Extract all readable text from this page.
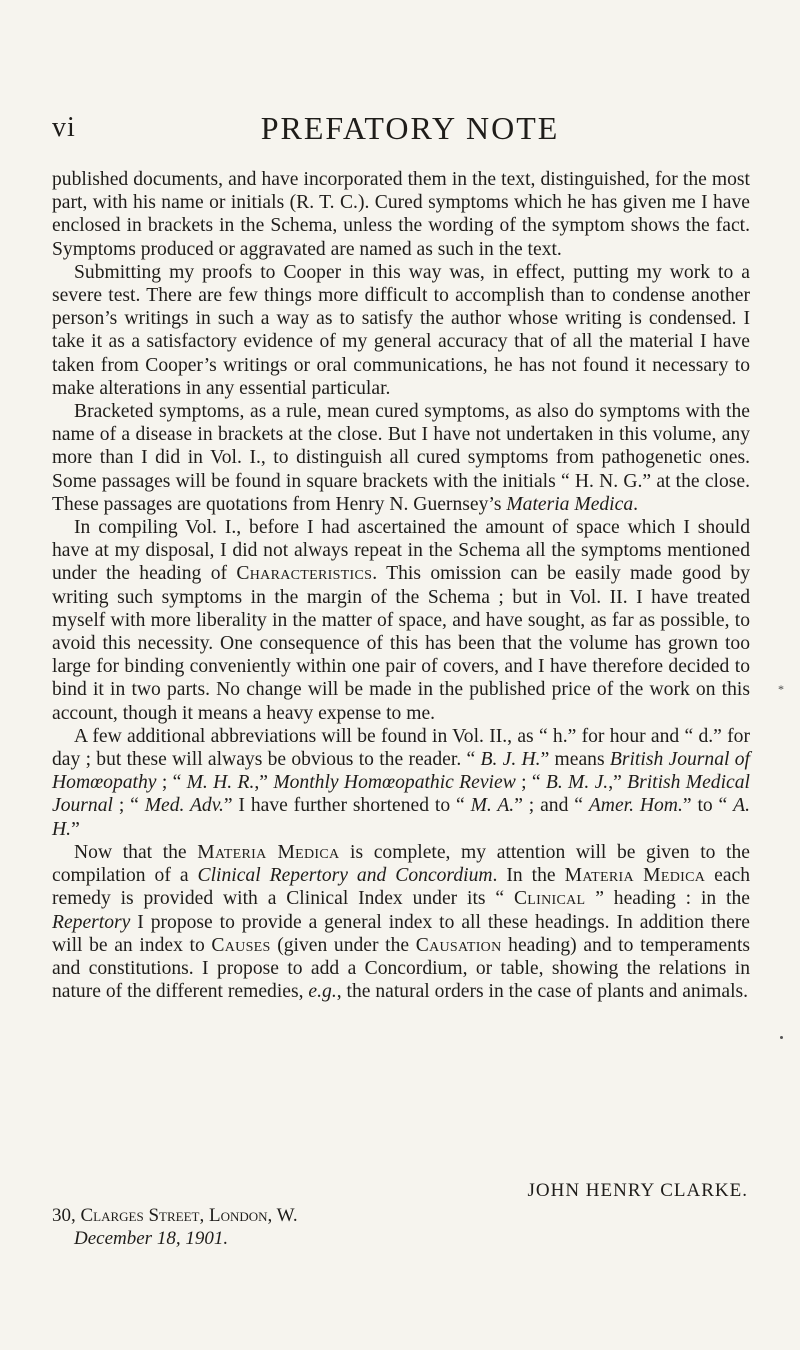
vi	PREFATORY NOTE

published documents, and have incorporated them in the text, distinguished, for the most part, with his name or initials (R. T. C.). Cured symptoms which he has given me I have enclosed in brackets in the Schema, unless the wording of the symptom shows the fact. Symptoms produced or aggravated are named as such in the text.

Submitting my proofs to Cooper in this way was, in effect, putting my work to a severe test. There are few things more difficult to accomplish than to condense another person’s writings in such a way as to satisfy the author whose writing is condensed. I take it as a satisfactory evidence of my general accuracy that of all the material I have taken from Cooper’s writings or oral communications, he has not found it necessary to make alterations in any essential particular.

Bracketed symptoms, as a rule, mean cured symptoms, as also do symptoms with the name of a disease in brackets at the close. But I have not undertaken in this volume, any more than I did in Vol. I., to distinguish all cured symptoms from pathogenetic ones. Some passages will be found in square brackets with the initials “ H. N. G.” at the close. These passages are quotations from Henry N. Guernsey’s Materia Medica.

In compiling Vol. I., before I had ascertained the amount of space which I should have at my disposal, I did not always repeat in the Schema all the symptoms mentioned under the heading of Characteristics. This omission can be easily made good by writing such symptoms in the margin of the Schema ; but in Vol. II. I have treated myself with more liberality in the matter of space, and have sought, as far as possible, to avoid this necessity. One consequence of this has been that the volume has grown too large for binding conveniently within one pair of covers, and I have therefore decided to bind it in two parts. No change will be made in the published price of the work on this account, though it means a heavy expense to me.

A few additional abbreviations will be found in Vol. II., as “ h.” for hour and “ d.” for day ; but these will always be obvious to the reader. “ B. J. H.” means British Journal of Homœopathy ; “ M. H. R.,” Monthly Homœopathic Review ; “ B. M. J.,” British Medical Journal ; “ Med. Adv.” I have further shortened to “ M. A.” ; and “ Amer. Hom.” to “ A. H.”

Now that the Materia Medica is complete, my attention will be given to the compilation of a Clinical Repertory and Concordium. In the Materia Medica each remedy is provided with a Clinical Index under its “ Clinical ” heading : in the Repertory I propose to provide a general index to all these headings. In addition there will be an index to Causes (given under the Causation heading) and to temperaments and constitutions. I propose to add a Concordium, or table, showing the relations in nature of the different remedies, e.g., the natural orders in the case of plants and animals.

JOHN HENRY CLARKE.
30, Clarges Street, London, W.
December 18, 1901.
*
